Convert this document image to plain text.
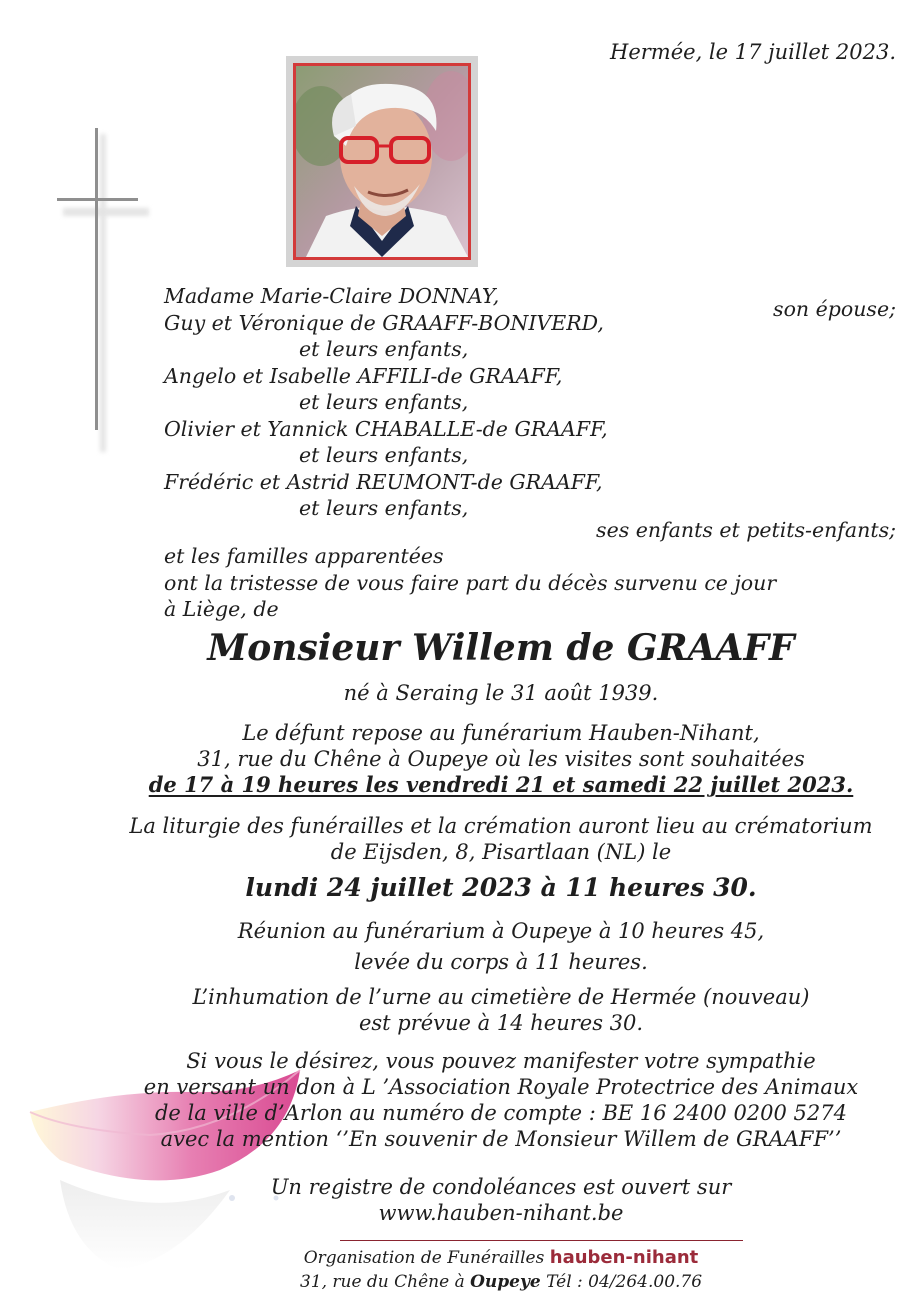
Hermée, le 17 juillet 2023.
Madame Marie-Claire DONNAY,
Guy et Véronique de GRAAFF-BONIVERD,
et leurs enfants,
Angelo et Isabelle AFFILI-de GRAAFF,
et leurs enfants,
Olivier et Yannick CHABALLE-de GRAAFF,
et leurs enfants,
Frédéric et Astrid REUMONT-de GRAAFF,
et leurs enfants,
son épouse;
ses enfants et petits-enfants;
et les familles apparentées
ont la tristesse de vous faire part du décès survenu ce jour
à Liège, de
Monsieur Willem de GRAAFF
né à Seraing le 31 août 1939.
Le défunt repose au funérarium Hauben-Nihant,
31, rue du Chêne à Oupeye où les visites sont souhaitées
de 17 à 19 heures les vendredi 21 et samedi 22 juillet 2023.
La liturgie des funérailles et la crémation auront lieu au crématorium
de Eijsden, 8, Pisartlaan (NL) le
lundi 24 juillet 2023 à 11 heures 30.
Réunion au funérarium à Oupeye à 10 heures 45,
levée du corps à 11 heures.
L’inhumation de l’urne au cimetière de Hermée (nouveau)
est prévue à 14 heures 30.
Si vous le désirez, vous pouvez manifester votre sympathie
en versant un don à L ’Association Royale Protectrice des Animaux
de la ville d’Arlon au numéro de compte : BE 16 2400 0200 5274
avec la mention ‘’En souvenir de Monsieur Willem de GRAAFF’’
Un registre de condoléances est ouvert sur
www.hauben-nihant.be
Organisation de Funérailles hauben-nihant
31, rue du Chêne à Oupeye Tél : 04/264.00.76
